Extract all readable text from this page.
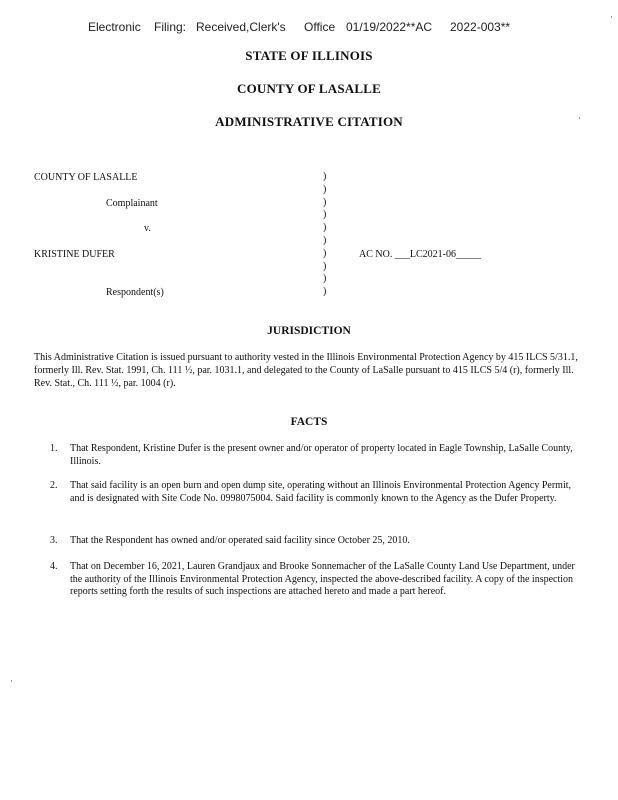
Electronic Filing: Received,Clerk's Office 01/19/2022**AC 2022-003**
STATE OF ILLINOIS
COUNTY OF LASALLE
ADMINISTRATIVE CITATION
COUNTY OF LASALLE
Complainant
v.
KRISTINE DUFER	AC NO. ___LC2021-06_____
Respondent(s)
)
)
)
)
)
)
)
)
)
)
JURISDICTION
This Administrative Citation is issued pursuant to authority vested in the Illinois Environmental Protection Agency by 415 ILCS 5/31.1, formerly Ill. Rev. Stat. 1991, Ch. 111 ½, par. 1031.1, and delegated to the County of LaSalle pursuant to 415 ILCS 5/4 (r), formerly Ill. Rev. Stat., Ch. 111 ½, par. 1004 (r).
FACTS
1.	That Respondent, Kristine Dufer is the present owner and/or operator of property located in Eagle Township, LaSalle County, Illinois.
2.	That said facility is an open burn and open dump site, operating without an Illinois Environmental Protection Agency Permit, and is designated with Site Code No. 0998075004. Said facility is commonly known to the Agency as the Dufer Property.
3.	That the Respondent has owned and/or operated said facility since October 25, 2010.
4.	That on December 16, 2021, Lauren Grandjaux and Brooke Sonnemacher of the LaSalle County Land Use Department, under the authority of the Illinois Environmental Protection Agency, inspected the above-described facility. A copy of the inspection reports setting forth the results of such inspections are attached hereto and made a part hereof.
·
·
·
